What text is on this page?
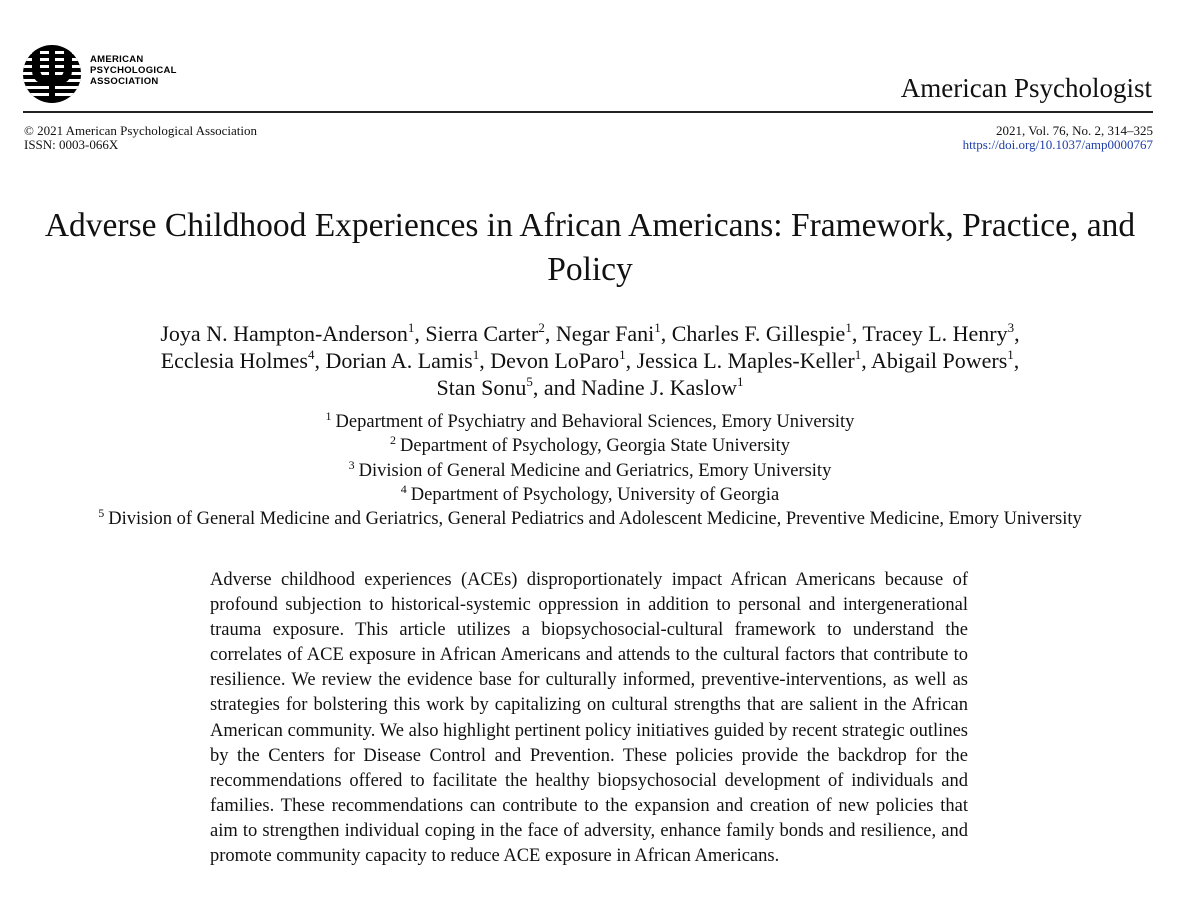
AMERICAN
PSYCHOLOGICAL
ASSOCIATION	American Psychologist
© 2021 American Psychological Association
ISSN: 0003-066X
2021, Vol. 76, No. 2, 314–325
https://doi.org/10.1037/amp0000767
Adverse Childhood Experiences in African Americans: Framework, Practice, and Policy

Joya N. Hampton-Anderson$^1$, Sierra Carter$^2$, Negar Fani$^1$, Charles F. Gillespie$^1$, Tracey L. Henry$^3$,
Ecclesia Holmes$^4$, Dorian A. Lamis$^1$, Devon LoParo$^1$, Jessica L. Maples-Keller$^1$, Abigail Powers$^1$,
Stan Sonu$^5$, and Nadine J. Kaslow$^1$

$^1$ Department of Psychiatry and Behavioral Sciences, Emory University
$^2$ Department of Psychology, Georgia State University
$^3$ Division of General Medicine and Geriatrics, Emory University
$^4$ Department of Psychology, University of Georgia
$^5$ Division of General Medicine and Geriatrics, General Pediatrics and Adolescent Medicine, Preventive Medicine, Emory University

Adverse childhood experiences (ACEs) disproportionately impact African Americans because of profound subjection to historical-systemic oppression in addition to personal and intergenerational trauma exposure. This article utilizes a biopsychosocial-cultural framework to understand the correlates of ACE exposure in African Americans and attends to the cultural factors that contribute to resilience. We review the evidence base for culturally informed, preventive-interventions, as well as strategies for bolstering this work by capitalizing on cultural strengths that are salient in the African American community. We also highlight pertinent policy initiatives guided by recent strategic outlines by the Centers for Disease Control and Prevention. These policies provide the backdrop for the recommendations offered to facilitate the healthy biopsychosocial development of individuals and families. These recommendations can contribute to the expansion and creation of new policies that aim to strengthen individual coping in the face of adversity, enhance family bonds and resilience, and promote community capacity to reduce ACE exposure in African Americans.
